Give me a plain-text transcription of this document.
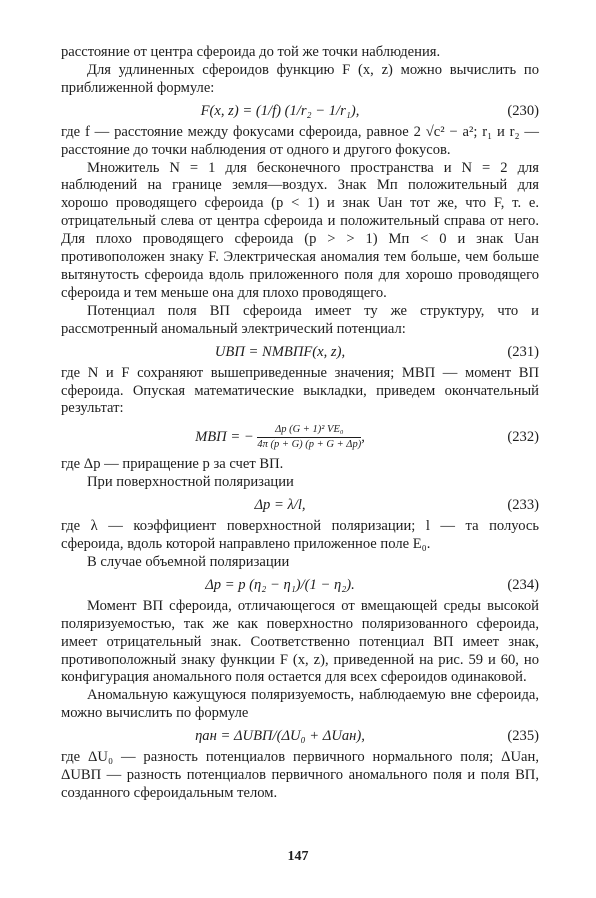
расстояние от центра сфероида до той же точки наблюдения.

Для удлиненных сфероидов функцию F (x, z) можно вычислить по приближенной формуле:

F(x, z) = (1/f) (1/r₂ − 1/r₁),	(230)

где f — расстояние между фокусами сфероида, равное 2 √c² − a²; r₁ и r₂ — расстояние до точки наблюдения от одного и другого фокусов.

Множитель N = 1 для бесконечного пространства и N = 2 для наблюдений на границе земля—воздух. Знак Mп положительный для хорошо проводящего сфероида (p < 1) и знак Uан тот же, что F, т. е. отрицательный слева от центра сфероида и положительный справа от него. Для плохо проводящего сфероида (p > > 1) Mп < 0 и знак Uан противоположен знаку F. Электрическая аномалия тем больше, чем больше вытянутость сфероида вдоль приложенного поля для хорошо проводящего сфероида и тем меньше она для плохо проводящего.

Потенциал поля ВП сфероида имеет ту же структуру, что и рассмотренный аномальный электрический потенциал:

UВП = NMВПF(x, z),	(231)

где N и F сохраняют вышеприведенные значения; MВП — момент ВП сфероида. Опуская математические выкладки, приведем окончательный результат:

MВП = − $\frac{\text{Δp (G + 1)² VE₀}}{4\pi (p + G) (p + G + \Delta p)}$ ,	(232)

где Δp — приращение p за счет ВП.

При поверхностной поляризации

Δp = λ/l,	(233)

где λ — коэффициент поверхностной поляризации; l — та полуось сфероида, вдоль которой направлено приложенное поле E₀.

В случае объемной поляризации

Δp = p (η₂ − η₁)/(1 − η₂).	(234)

Момент ВП сфероида, отличающегося от вмещающей среды высокой поляризуемостью, так же как поверхностно поляризованного сфероида, имеет отрицательный знак. Соответственно потенциал ВП имеет знак, противоположный знаку функции F (x, z), приведенной на рис. 59 и 60, но конфигурация аномального поля остается для всех сфероидов одинаковой.

Аномальную кажущуюся поляризуемость, наблюдаемую вне сфероида, можно вычислить по формуле

ηан = ΔUВП/(ΔU₀ + ΔUан),	(235)

где ΔU₀ — разность потенциалов первичного нормального поля; ΔUан, ΔUВП — разность потенциалов первичного аномального поля и поля ВП, созданного сфероидальным телом.

147
